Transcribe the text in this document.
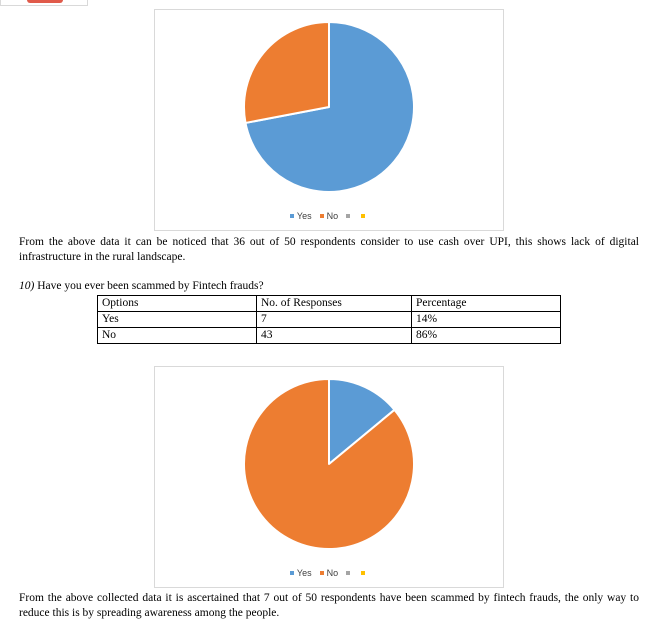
Yes No
From the above data it can be noticed that 36 out of 50 respondents consider to use cash over UPI, this shows lack of digital infrastructure in the rural landscape.
10) Have you ever been scammed by Fintech frauds?
Options	No. of Responses	Percentage
Yes	7	14%
No	43	86%
Yes No
From the above collected data it is ascertained that 7 out of 50 respondents have been scammed by fintech frauds, the only way to reduce this is by spreading awareness among the people.
